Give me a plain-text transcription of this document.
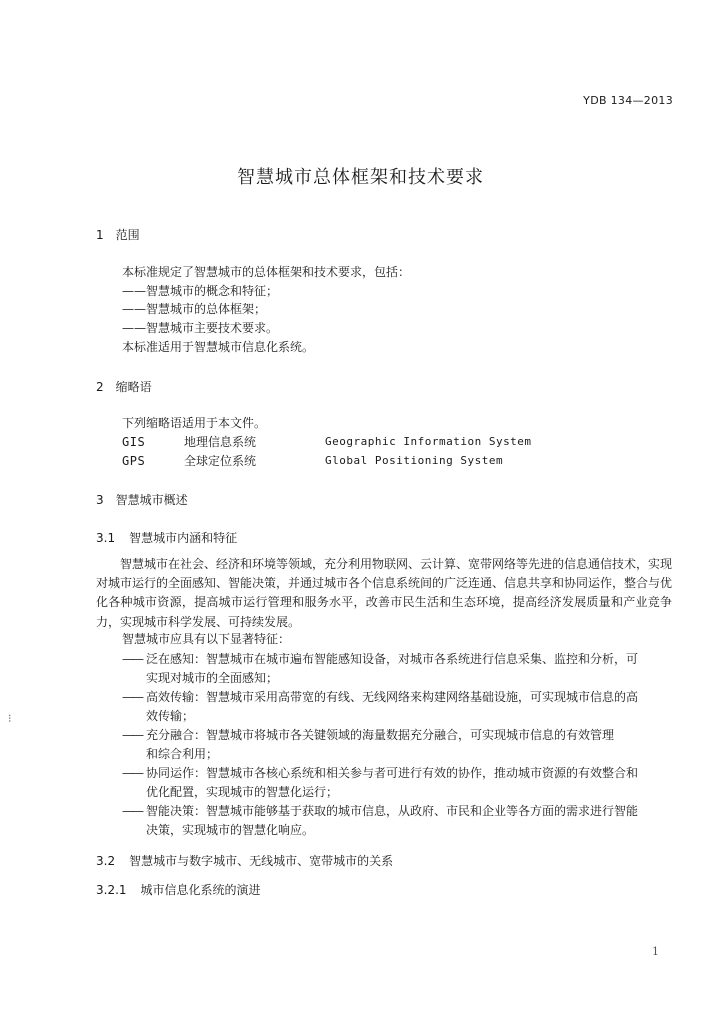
YDB 134—2013
智慧城市总体框架和技术要求
1 范围
本标准规定了智慧城市的总体框架和技术要求，包括：
——智慧城市的概念和特征；
——智慧城市的总体框架；
——智慧城市主要技术要求。
本标准适用于智慧城市信息化系统。
2 缩略语
下列缩略语适用于本文件。
GIS	地理信息系统	Geographic Information System
GPS	全球定位系统	Global Positioning System
3 智慧城市概述
3.1 智慧城市内涵和特征
智慧城市在社会、经济和环境等领域，充分利用物联网、云计算、宽带网络等先进的信息通信技术，实现对城市运行的全面感知、智能决策，并通过城市各个信息系统间的广泛连通、信息共享和协同运作，整合与优化各种城市资源，提高城市运行管理和服务水平，改善市民生活和生态环境，提高经济发展质量和产业竞争力，实现城市科学发展、可持续发展。
智慧城市应具有以下显著特征：
—— 泛在感知：智慧城市在城市遍布智能感知设备，对城市各系统进行信息采集、监控和分析，可
实现对城市的全面感知；
—— 高效传输：智慧城市采用高带宽的有线、无线网络来构建网络基础设施，可实现城市信息的高
效传输；
—— 充分融合：智慧城市将城市各关键领域的海量数据充分融合，可实现城市信息的有效管理
和综合利用；
—— 协同运作：智慧城市各核心系统和相关参与者可进行有效的协作，推动城市资源的有效整合和
优化配置，实现城市的智慧化运行；
—— 智能决策：智慧城市能够基于获取的城市信息，从政府、市民和企业等各方面的需求进行智能
决策，实现城市的智慧化响应。
3.2 智慧城市与数字城市、无线城市、宽带城市的关系
3.2.1 城市信息化系统的演进
⁝
1
